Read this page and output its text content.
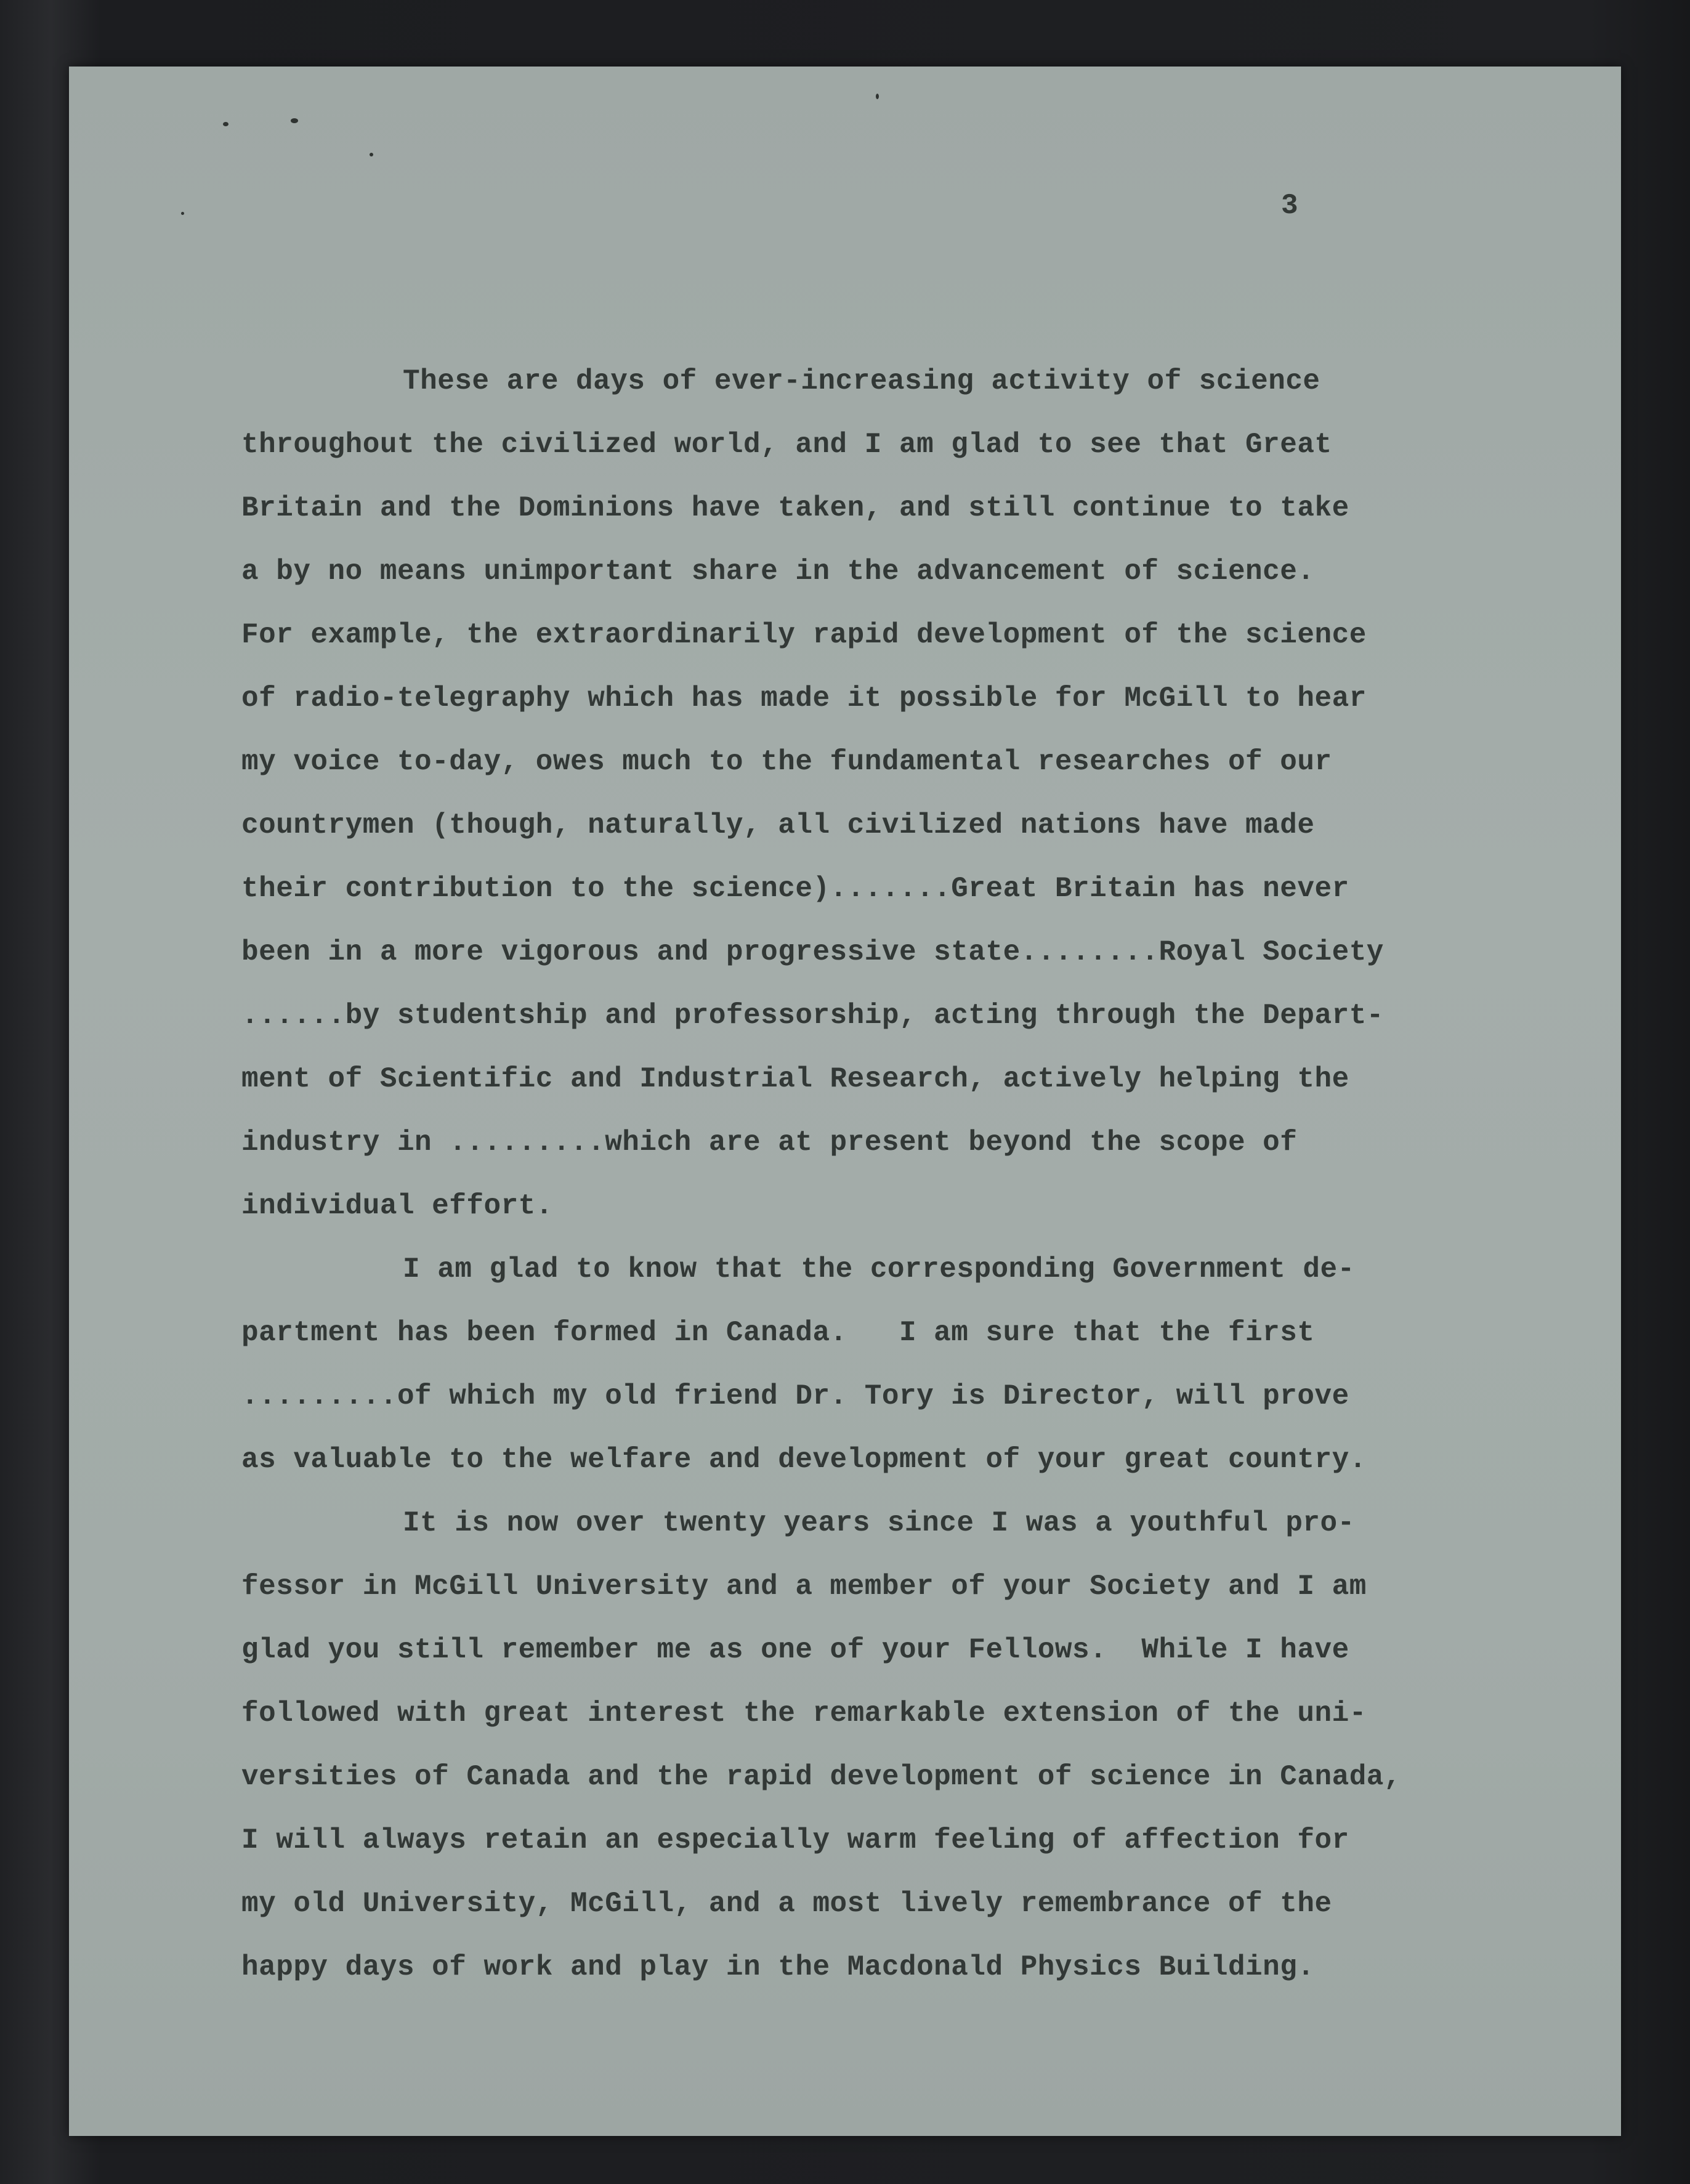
3
These are days of ever-increasing activity of science
throughout the civilized world, and I am glad to see that Great
Britain and the Dominions have taken, and still continue to take
a by no means unimportant share in the advancement of science.
For example, the extraordinarily rapid development of the science
of radio-telegraphy which has made it possible for McGill to hear
my voice to-day, owes much to the fundamental researches of our
countrymen (though, naturally, all civilized nations have made
their contribution to the science).......Great Britain has never
been in a more vigorous and progressive state........Royal Society
......by studentship and professorship, acting through the Depart-
ment of Scientific and Industrial Research, actively helping the
industry in .........which are at present beyond the scope of
individual effort.
I am glad to know that the corresponding Government de-
partment has been formed in Canada.   I am sure that the first
.........of which my old friend Dr. Tory is Director, will prove
as valuable to the welfare and development of your great country.
It is now over twenty years since I was a youthful pro-
fessor in McGill University and a member of your Society and I am
glad you still remember me as one of your Fellows.  While I have
followed with great interest the remarkable extension of the uni-
versities of Canada and the rapid development of science in Canada,
I will always retain an especially warm feeling of affection for
my old University, McGill, and a most lively remembrance of the
happy days of work and play in the Macdonald Physics Building.
